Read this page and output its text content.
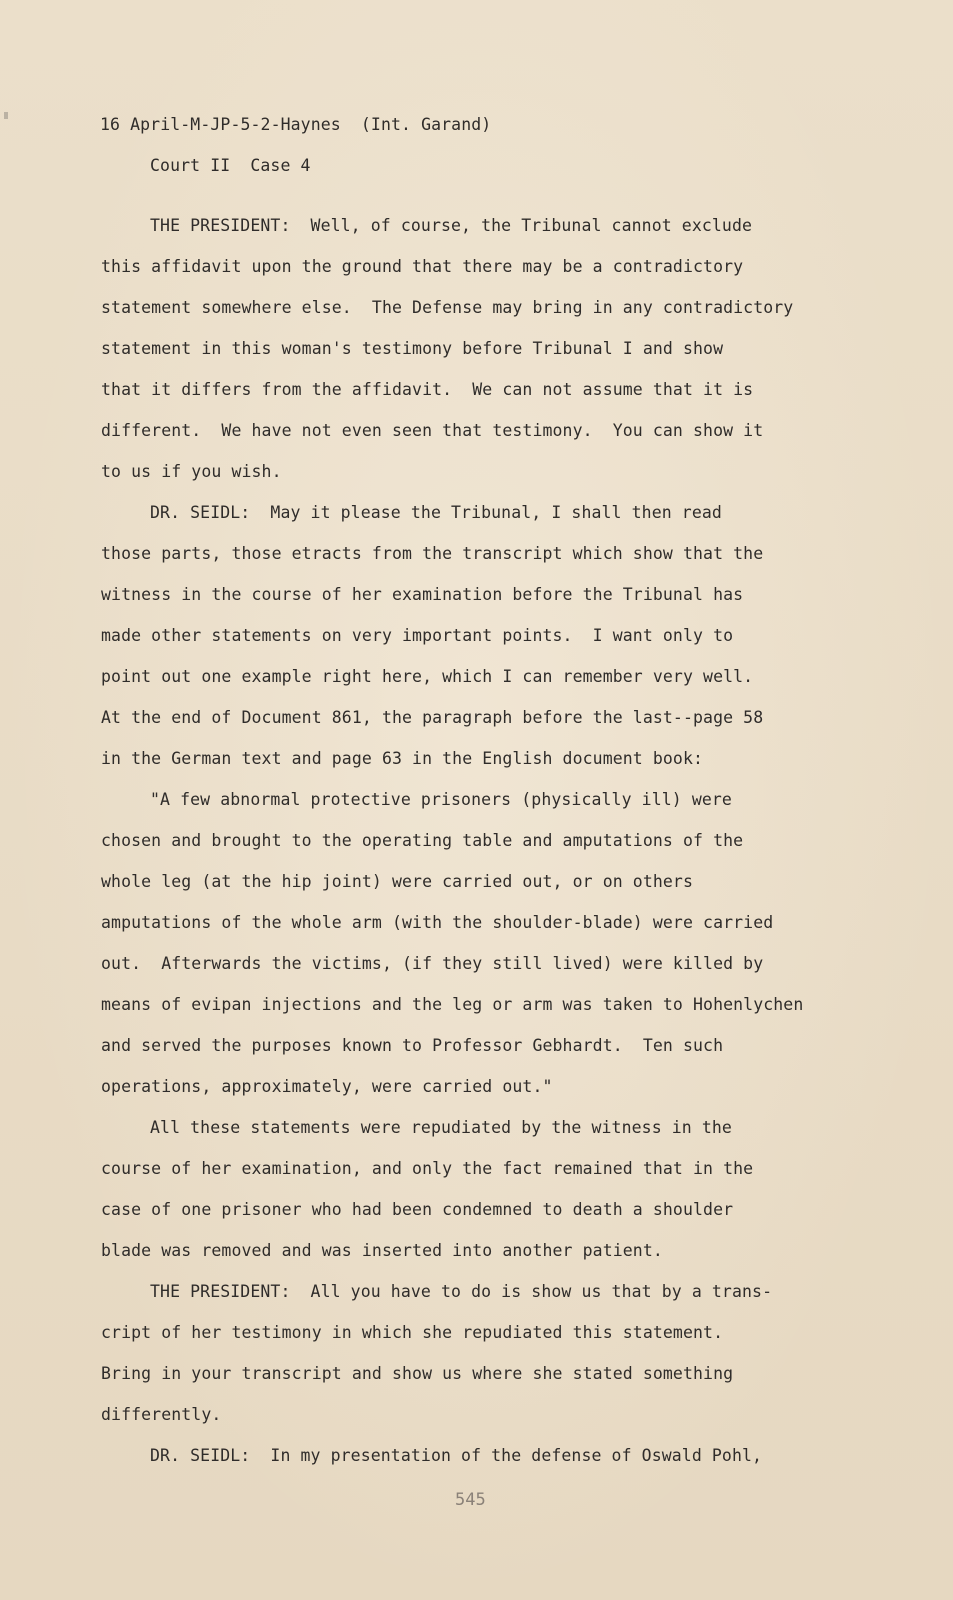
16 April-M-JP-5-2-Haynes  (Int. Garand)
Court II  Case 4
THE PRESIDENT:  Well, of course, the Tribunal cannot exclude
this affidavit upon the ground that there may be a contradictory
statement somewhere else.  The Defense may bring in any contradictory
statement in this woman's testimony before Tribunal I and show
that it differs from the affidavit.  We can not assume that it is
different.  We have not even seen that testimony.  You can show it
to us if you wish.
DR. SEIDL:  May it please the Tribunal, I shall then read
those parts, those etracts from the transcript which show that the
witness in the course of her examination before the Tribunal has
made other statements on very important points.  I want only to
point out one example right here, which I can remember very well.
At the end of Document 861, the paragraph before the last--page 58
in the German text and page 63 in the English document book:
"A few abnormal protective prisoners (physically ill) were
chosen and brought to the operating table and amputations of the
whole leg (at the hip joint) were carried out, or on others
amputations of the whole arm (with the shoulder-blade) were carried
out.  Afterwards the victims, (if they still lived) were killed by
means of evipan injections and the leg or arm was taken to Hohenlychen
and served the purposes known to Professor Gebhardt.  Ten such
operations, approximately, were carried out."
All these statements were repudiated by the witness in the
course of her examination, and only the fact remained that in the
case of one prisoner who had been condemned to death a shoulder
blade was removed and was inserted into another patient.
THE PRESIDENT:  All you have to do is show us that by a trans-
cript of her testimony in which she repudiated this statement.
Bring in your transcript and show us where she stated something
differently.
DR. SEIDL:  In my presentation of the defense of Oswald Pohl,
545
